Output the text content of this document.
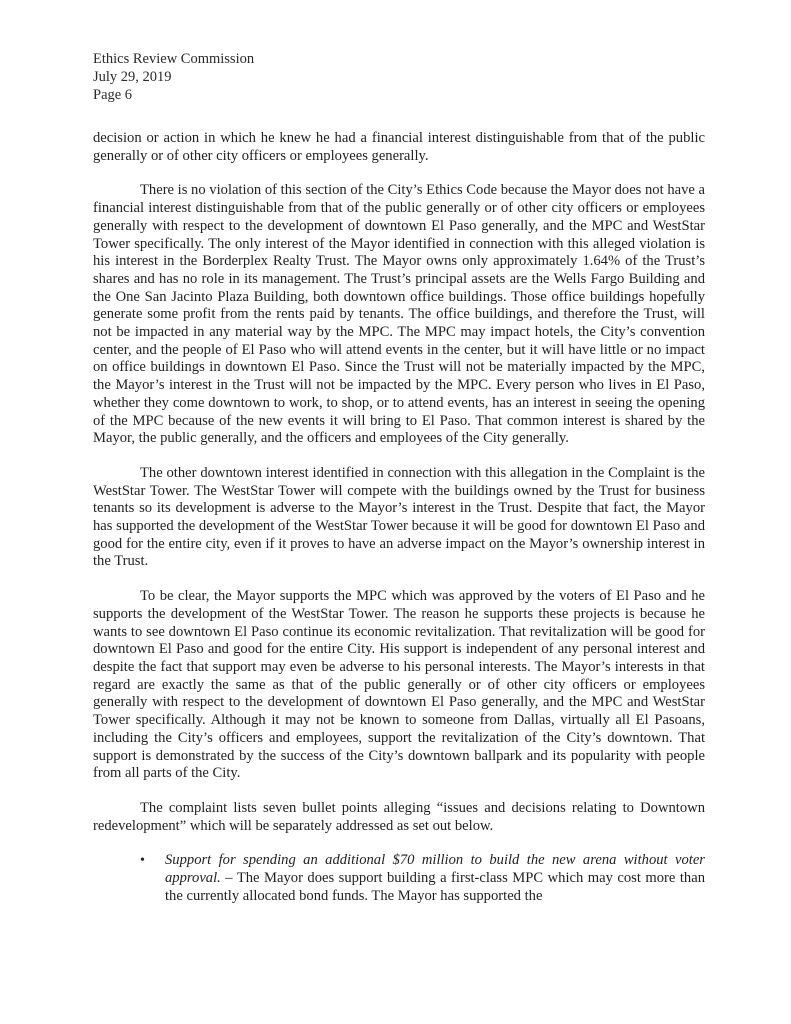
Ethics Review Commission
July 29, 2019
Page 6

decision or action in which he knew he had a financial interest distinguishable from that of the public generally or of other city officers or employees generally.

There is no violation of this section of the City’s Ethics Code because the Mayor does not have a financial interest distinguishable from that of the public generally or of other city officers or employees generally with respect to the development of downtown El Paso generally, and the MPC and WestStar Tower specifically. The only interest of the Mayor identified in connection with this alleged violation is his interest in the Borderplex Realty Trust. The Mayor owns only approximately 1.64% of the Trust’s shares and has no role in its management. The Trust’s principal assets are the Wells Fargo Building and the One San Jacinto Plaza Building, both downtown office buildings. Those office buildings hopefully generate some profit from the rents paid by tenants. The office buildings, and therefore the Trust, will not be impacted in any material way by the MPC. The MPC may impact hotels, the City’s convention center, and the people of El Paso who will attend events in the center, but it will have little or no impact on office buildings in downtown El Paso. Since the Trust will not be materially impacted by the MPC, the Mayor’s interest in the Trust will not be impacted by the MPC. Every person who lives in El Paso, whether they come downtown to work, to shop, or to attend events, has an interest in seeing the opening of the MPC because of the new events it will bring to El Paso. That common interest is shared by the Mayor, the public generally, and the officers and employees of the City generally.

The other downtown interest identified in connection with this allegation in the Complaint is the WestStar Tower. The WestStar Tower will compete with the buildings owned by the Trust for business tenants so its development is adverse to the Mayor’s interest in the Trust. Despite that fact, the Mayor has supported the development of the WestStar Tower because it will be good for downtown El Paso and good for the entire city, even if it proves to have an adverse impact on the Mayor’s ownership interest in the Trust.

To be clear, the Mayor supports the MPC which was approved by the voters of El Paso and he supports the development of the WestStar Tower. The reason he supports these projects is because he wants to see downtown El Paso continue its economic revitalization. That revitalization will be good for downtown El Paso and good for the entire City. His support is independent of any personal interest and despite the fact that support may even be adverse to his personal interests. The Mayor’s interests in that regard are exactly the same as that of the public generally or of other city officers or employees generally with respect to the development of downtown El Paso generally, and the MPC and WestStar Tower specifically. Although it may not be known to someone from Dallas, virtually all El Pasoans, including the City’s officers and employees, support the revitalization of the City’s downtown. That support is demonstrated by the success of the City’s downtown ballpark and its popularity with people from all parts of the City.

The complaint lists seven bullet points alleging “issues and decisions relating to Downtown redevelopment” which will be separately addressed as set out below.

• Support for spending an additional $70 million to build the new arena without voter approval. – The Mayor does support building a first-class MPC which may cost more than the currently allocated bond funds. The Mayor has supported the
